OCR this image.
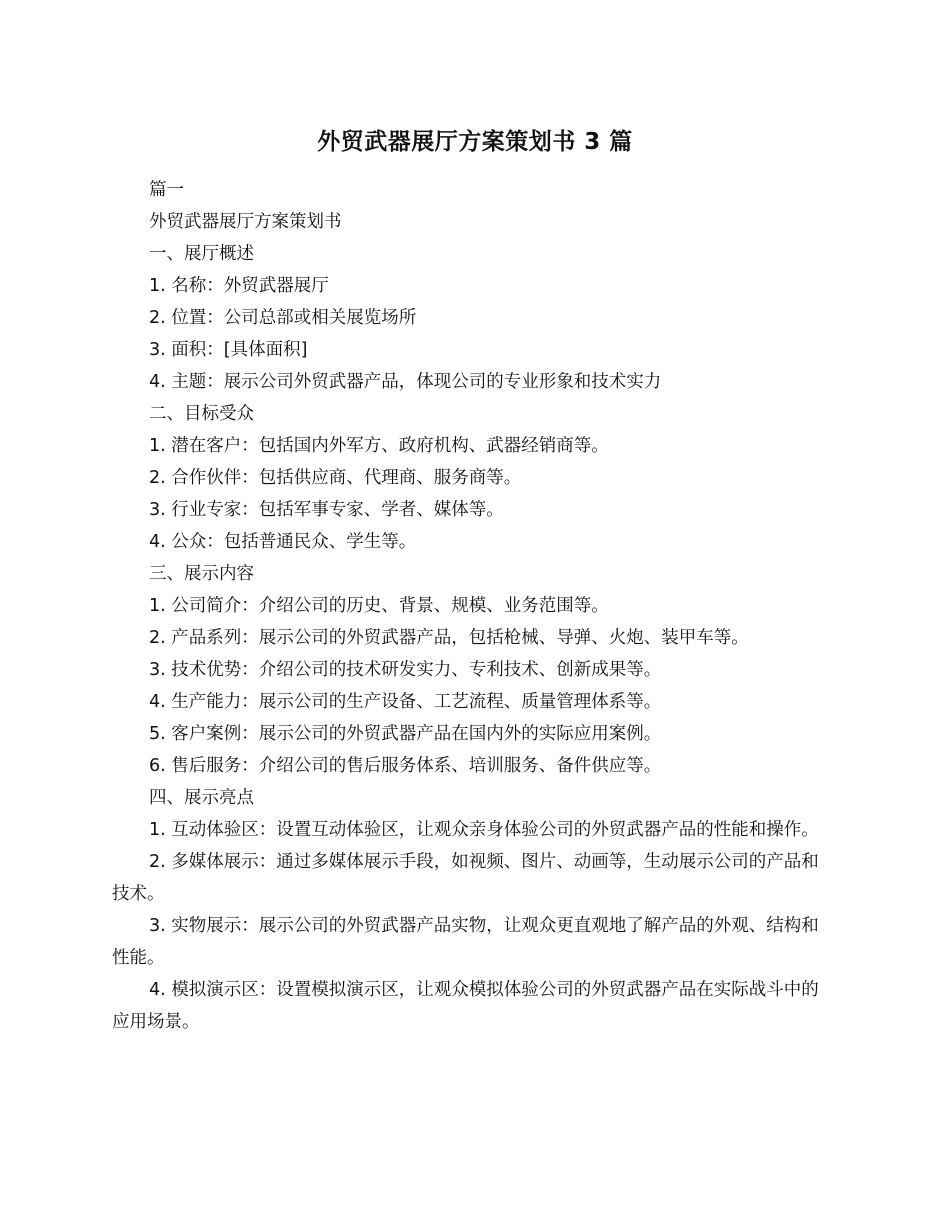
外贸武器展厅方案策划书 3 篇
篇一
外贸武器展厅方案策划书
一、展厅概述
1. 名称：外贸武器展厅
2. 位置：公司总部或相关展览场所
3. 面积：[具体面积]
4. 主题：展示公司外贸武器产品，体现公司的专业形象和技术实力
二、目标受众
1. 潜在客户：包括国内外军方、政府机构、武器经销商等。
2. 合作伙伴：包括供应商、代理商、服务商等。
3. 行业专家：包括军事专家、学者、媒体等。
4. 公众：包括普通民众、学生等。
三、展示内容
1. 公司简介：介绍公司的历史、背景、规模、业务范围等。
2. 产品系列：展示公司的外贸武器产品，包括枪械、导弹、火炮、装甲车等。
3. 技术优势：介绍公司的技术研发实力、专利技术、创新成果等。
4. 生产能力：展示公司的生产设备、工艺流程、质量管理体系等。
5. 客户案例：展示公司的外贸武器产品在国内外的实际应用案例。
6. 售后服务：介绍公司的售后服务体系、培训服务、备件供应等。
四、展示亮点
1. 互动体验区：设置互动体验区，让观众亲身体验公司的外贸武器产品的性能和操作。
2. 多媒体展示：通过多媒体展示手段，如视频、图片、动画等，生动展示公司的产品和技术。
3. 实物展示：展示公司的外贸武器产品实物，让观众更直观地了解产品的外观、结构和性能。
4. 模拟演示区：设置模拟演示区，让观众模拟体验公司的外贸武器产品在实际战斗中的应用场景。
